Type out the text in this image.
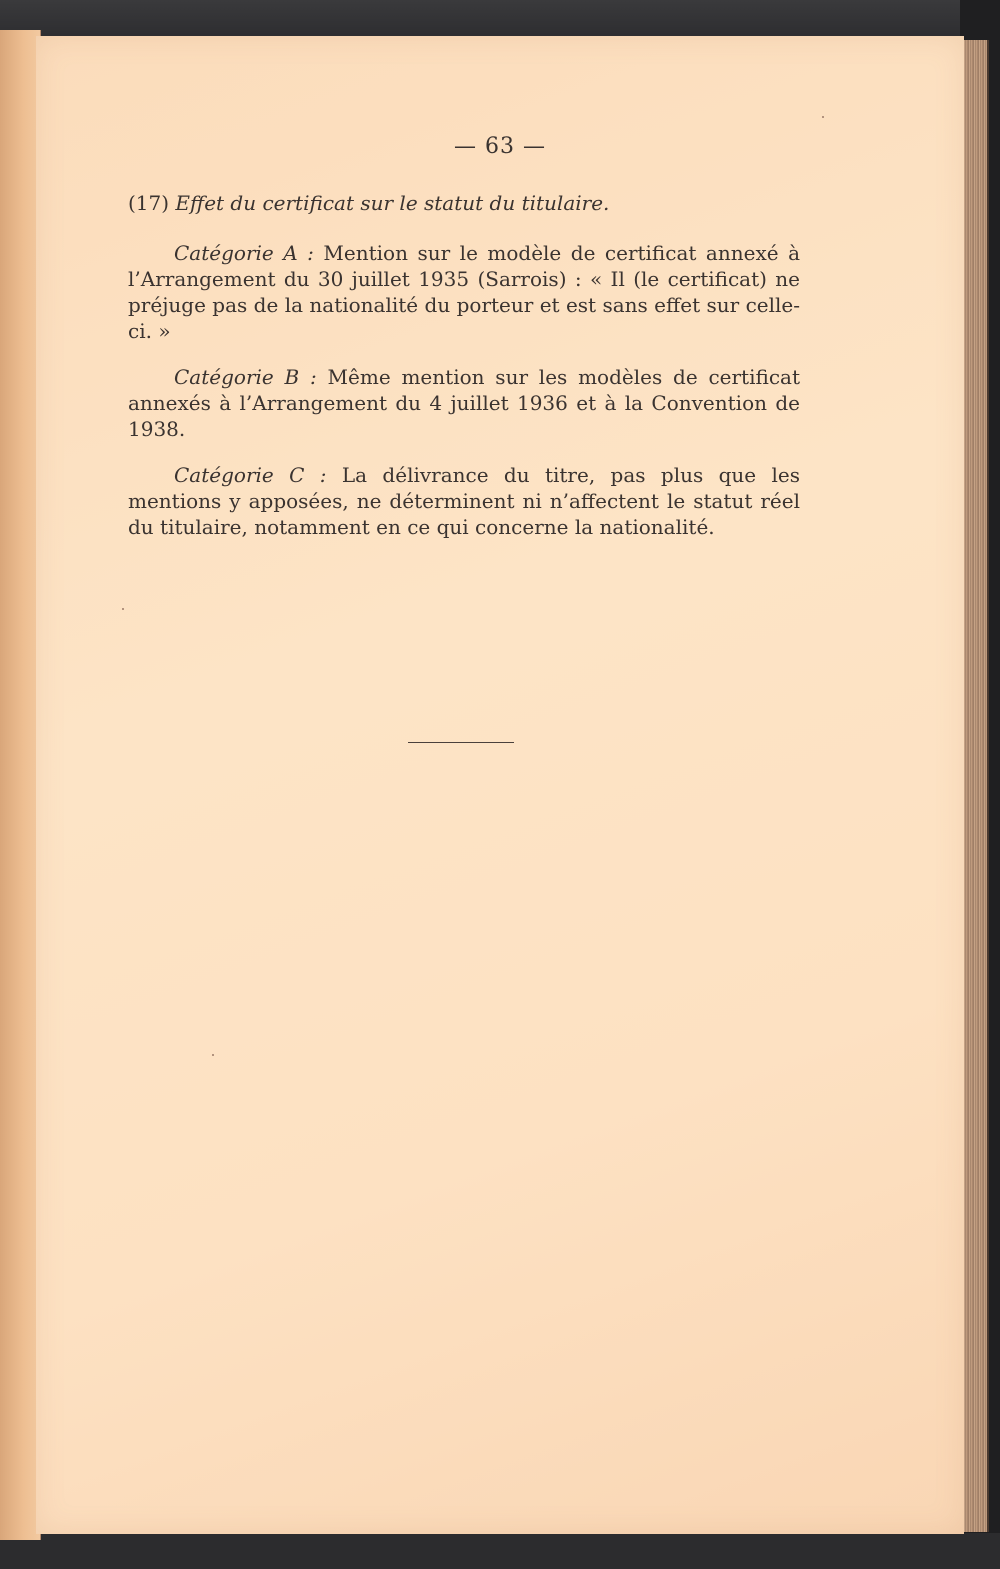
— 63 —
(17) Effet du certificat sur le statut du titulaire.

Catégorie A : Mention sur le modèle de certificat annexé à l’Arrangement du 30 juillet 1935 (Sarrois) : « Il (le certificat) ne préjuge pas de la nationalité du porteur et est sans effet sur celle-ci. »

Catégorie B : Même mention sur les modèles de certificat annexés à l’Arrangement du 4 juillet 1936 et à la Convention de 1938.

Catégorie C : La délivrance du titre, pas plus que les mentions y apposées, ne déterminent ni n’affectent le statut réel du titulaire, notamment en ce qui concerne la nationalité.
